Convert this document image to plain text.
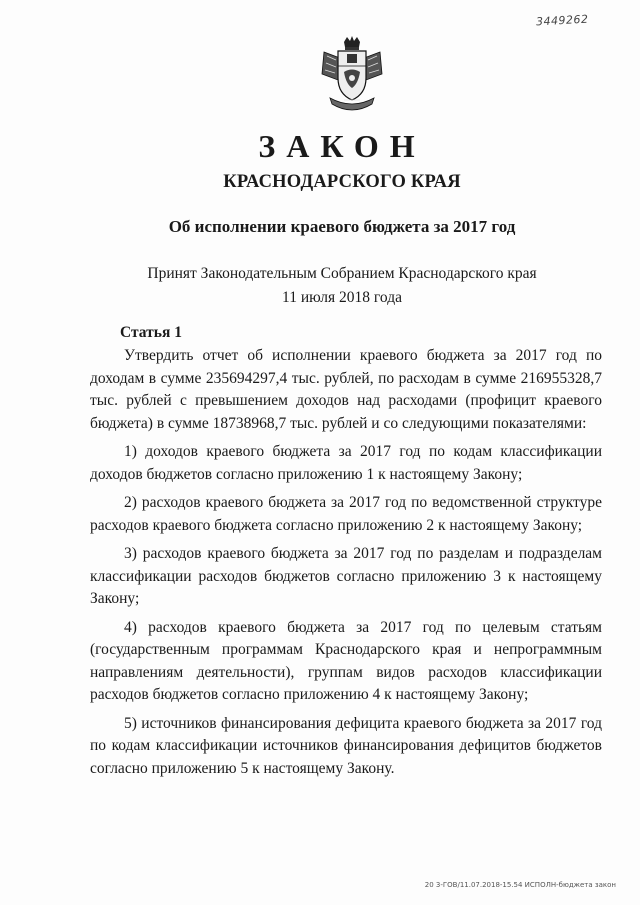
3449262
ЗАКОН
КРАСНОДАРСКОГО КРАЯ
Об исполнении краевого бюджета за 2017 год
Принят Законодательным Собранием Краснодарского края
11 июля 2018 года
Статья 1

Утвердить отчет об исполнении краевого бюджета за 2017 год по доходам в сумме 235694297,4 тыс. рублей, по расходам в сумме 216955328,7 тыс. рублей с превышением доходов над расходами (профицит краевого бюджета) в сумме 18738968,7 тыс. рублей и со следующими показателями:

1) доходов краевого бюджета за 2017 год по кодам классификации доходов бюджетов согласно приложению 1 к настоящему Закону;

2) расходов краевого бюджета за 2017 год по ведомственной структуре расходов краевого бюджета согласно приложению 2 к настоящему Закону;

3) расходов краевого бюджета за 2017 год по разделам и подразделам классификации расходов бюджетов согласно приложению 3 к настоящему Закону;

4) расходов краевого бюджета за 2017 год по целевым статьям (государственным программам Краснодарского края и непрограммным направлениям деятельности), группам видов расходов классификации расходов бюджетов согласно приложению 4 к настоящему Закону;

5) источников финансирования дефицита краевого бюджета за 2017 год по кодам классификации источников финансирования дефицитов бюджетов согласно приложению 5 к настоящему Закону.

20 3-ГОВ/11.07.2018-15.54 ИСПОЛН-бюджета закон
